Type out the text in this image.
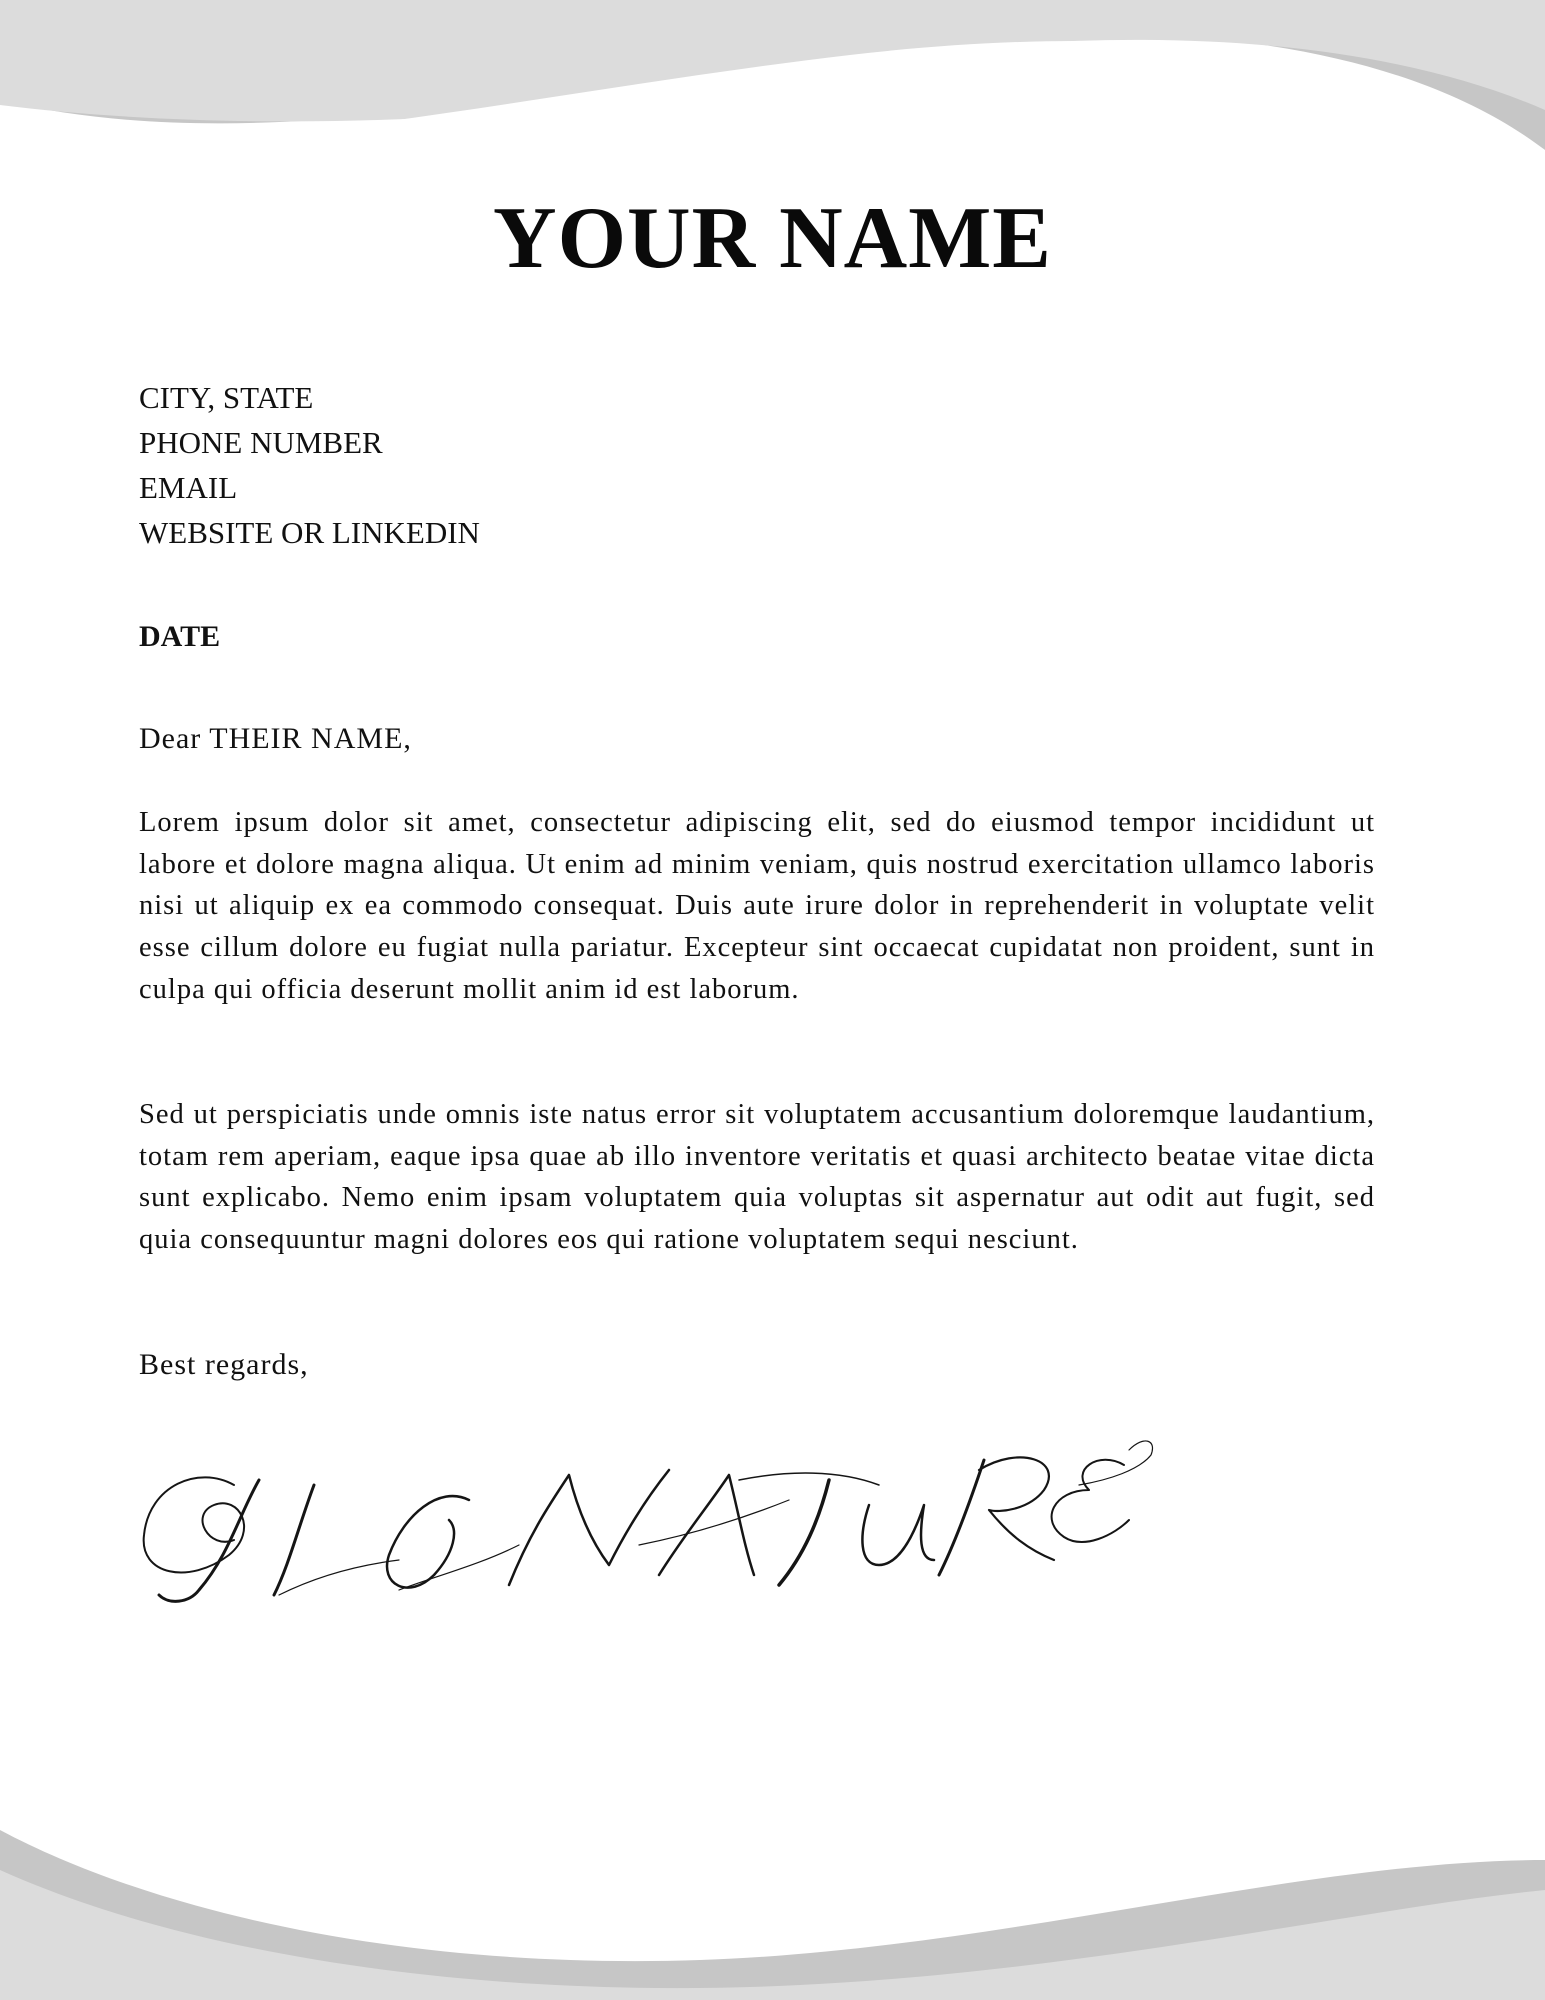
YOUR NAME
CITY, STATE
PHONE NUMBER
EMAIL
WEBSITE OR LINKEDIN
DATE
Dear THEIR NAME,

Lorem ipsum dolor sit amet, consectetur adipiscing elit, sed do eiusmod tempor incididunt ut labore et dolore magna aliqua. Ut enim ad minim veniam, quis nostrud exercitation ullamco laboris nisi ut aliquip ex ea commodo consequat. Duis aute irure dolor in reprehenderit in voluptate velit esse cillum dolore eu fugiat nulla pariatur. Excepteur sint occaecat cupidatat non proident, sunt in culpa qui officia deserunt mollit anim id est laborum.

Sed ut perspiciatis unde omnis iste natus error sit voluptatem accusantium doloremque laudantium, totam rem aperiam, eaque ipsa quae ab illo inventore veritatis et quasi architecto beatae vitae dicta sunt explicabo. Nemo enim ipsam voluptatem quia voluptas sit aspernatur aut odit aut fugit, sed quia consequuntur magni dolores eos qui ratione voluptatem sequi nesciunt.

Best regards,
